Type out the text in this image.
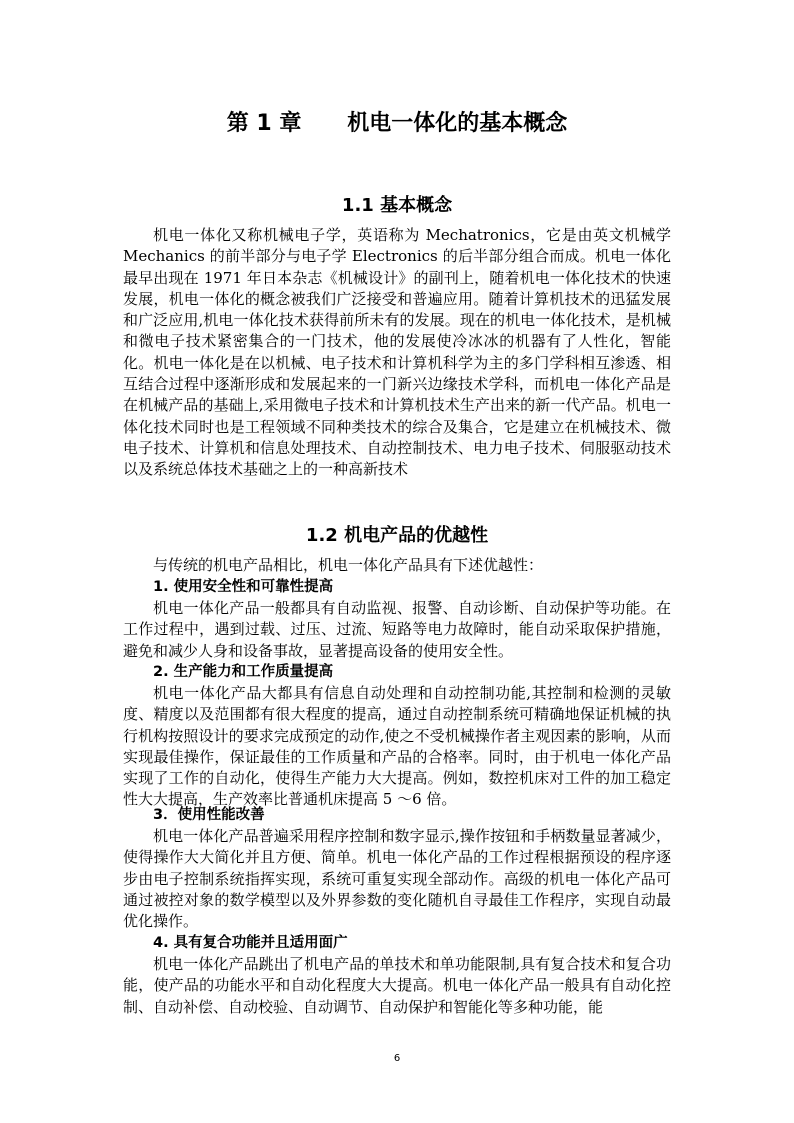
第 1 章      机电一体化的基本概念
1.1 基本概念

机电一体化又称机械电子学，英语称为 Mechatronics，它是由英文机械学 Mechanics 的前半部分与电子学 Electronics 的后半部分组合而成。机电一体化最早出现在 1971 年日本杂志《机械设计》的副刊上，随着机电一体化技术的快速发展，机电一体化的概念被我们广泛接受和普遍应用。随着计算机技术的迅猛发展和广泛应用,机电一体化技术获得前所未有的发展。现在的机电一体化技术，是机械和微电子技术紧密集合的一门技术，他的发展使冷冰冰的机器有了人性化，智能化。机电一体化是在以机械、电子技术和计算机科学为主的多门学科相互渗透、相互结合过程中逐渐形成和发展起来的一门新兴边缘技术学科，而机电一体化产品是在机械产品的基础上,采用微电子技术和计算机技术生产出来的新一代产品。机电一体化技术同时也是工程领域不同种类技术的综合及集合，它是建立在机械技术、微电子技术、计算机和信息处理技术、自动控制技术、电力电子技术、伺服驱动技术以及系统总体技术基础之上的一种高新技术

1.2 机电产品的优越性

与传统的机电产品相比，机电一体化产品具有下述优越性：

1. 使用安全性和可靠性提高

机电一体化产品一般都具有自动监视、报警、自动诊断、自动保护等功能。在工作过程中，遇到过载、过压、过流、短路等电力故障时，能自动采取保护措施，避免和减少人身和设备事故，显著提高设备的使用安全性。

2. 生产能力和工作质量提高

机电一体化产品大都具有信息自动处理和自动控制功能,其控制和检测的灵敏度、精度以及范围都有很大程度的提高，通过自动控制系统可精确地保证机械的执行机构按照设计的要求完成预定的动作,使之不受机械操作者主观因素的影响，从而实现最佳操作，保证最佳的工作质量和产品的合格率。同时，由于机电一体化产品实现了工作的自动化，使得生产能力大大提高。例如，数控机床对工件的加工稳定性大大提高，生产效率比普通机床提高 5 ～6 倍。

3．使用性能改善

机电一体化产品普遍采用程序控制和数字显示,操作按钮和手柄数量显著减少，使得操作大大简化并且方便、简单。机电一体化产品的工作过程根据预设的程序逐步由电子控制系统指挥实现，系统可重复实现全部动作。高级的机电一体化产品可通过被控对象的数学模型以及外界参数的变化随机自寻最佳工作程序，实现自动最优化操作。

4. 具有复合功能并且适用面广

机电一体化产品跳出了机电产品的单技术和单功能限制,具有复合技术和复合功能，使产品的功能水平和自动化程度大大提高。机电一体化产品一般具有自动化控制、自动补偿、自动校验、自动调节、自动保护和智能化等多种功能，能

6
